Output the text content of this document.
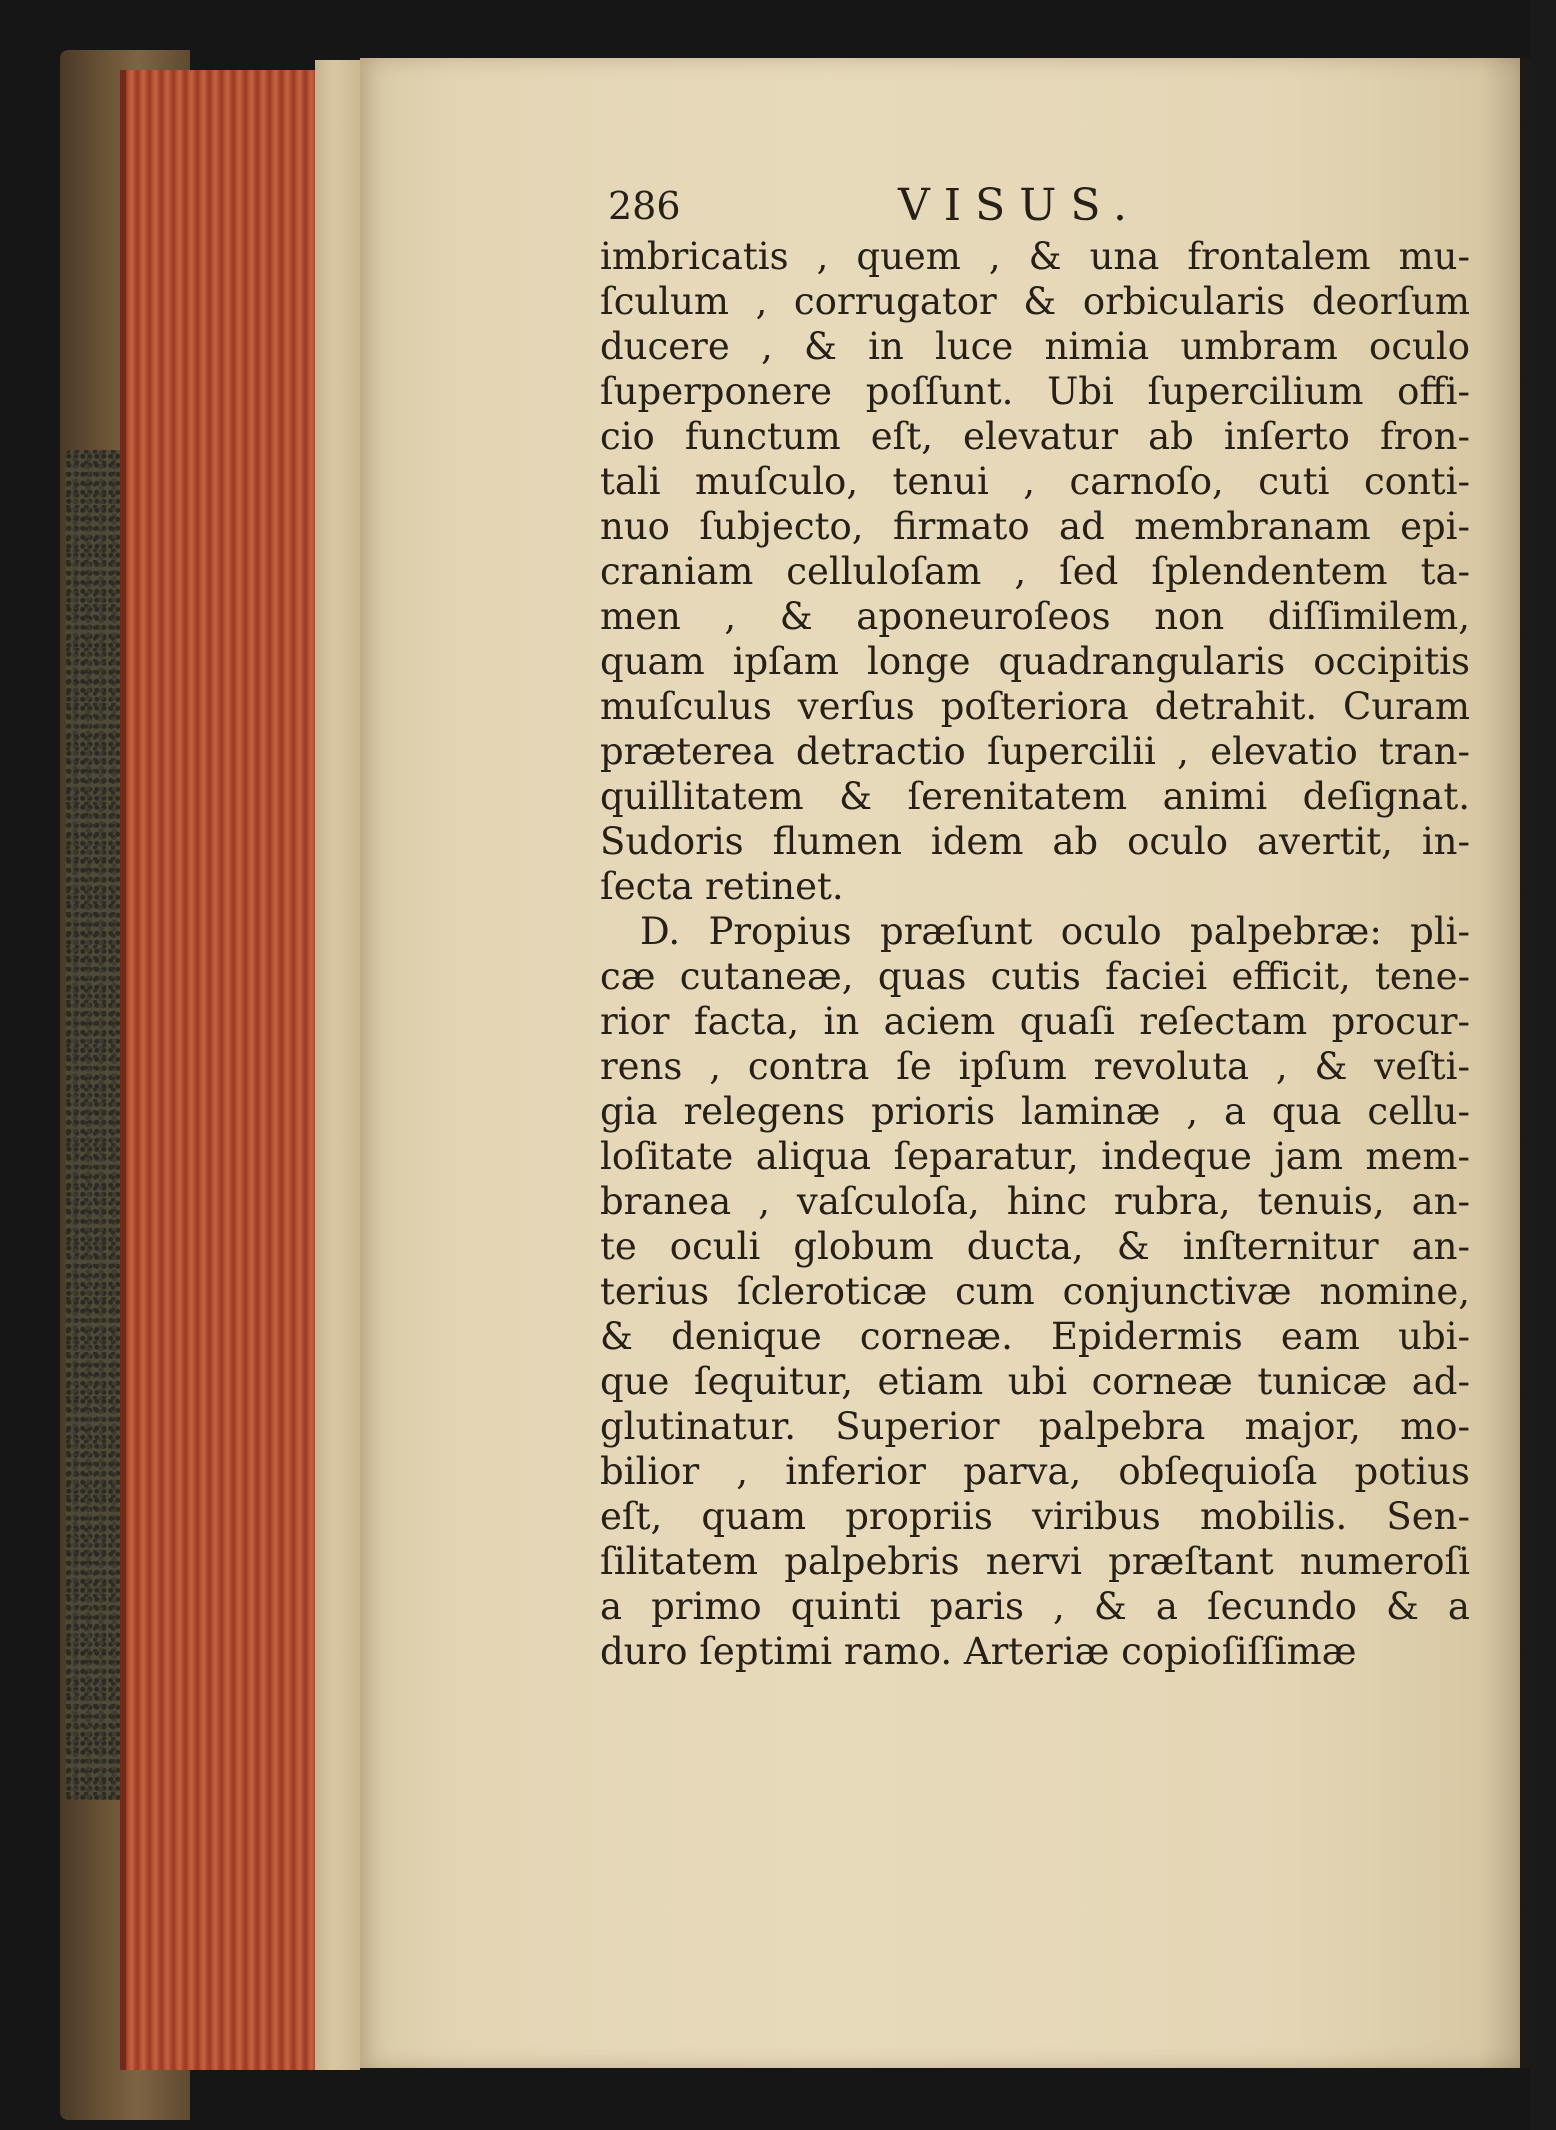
286	VISUS.
imbricatis , quem , & una frontalem mu-
ſculum , corrugator & orbicularis deorſum
ducere , & in luce nimia umbram oculo
ſuperponere poſſunt. Ubi ſupercilium offi-
cio functum eſt, elevatur ab inſerto fron-
tali muſculo, tenui , carnoſo, cuti conti-
nuo ſubjecto, firmato ad membranam epi-
craniam celluloſam , ſed ſplendentem ta-
men , & aponeuroſeos non diſſimilem,
quam ipſam longe quadrangularis occipitis
muſculus verſus poſteriora detrahit. Curam
præterea detractio ſupercilii , elevatio tran-
quillitatem & ſerenitatem animi deſignat.
Sudoris flumen idem ab oculo avertit, in-
ſecta retinet.
D. Propius præſunt oculo palpebræ: pli-
cæ cutaneæ, quas cutis faciei efficit, tene-
rior facta, in aciem quaſi reſectam procur-
rens , contra ſe ipſum revoluta , & veſti-
gia relegens prioris laminæ , a qua cellu-
loſitate aliqua ſeparatur, indeque jam mem-
branea , vaſculoſa, hinc rubra, tenuis, an-
te oculi globum ducta, & inſternitur an-
terius ſcleroticæ cum conjunctivæ nomine,
& denique corneæ. Epidermis eam ubi-
que ſequitur, etiam ubi corneæ tunicæ ad-
glutinatur. Superior palpebra major, mo-
bilior , inferior parva, obſequioſa potius
eſt, quam propriis viribus mobilis. Sen-
ſilitatem palpebris nervi præſtant numeroſi
a primo quinti paris , & a ſecundo & a
duro ſeptimi ramo. Arteriæ copioſiſſimæ
